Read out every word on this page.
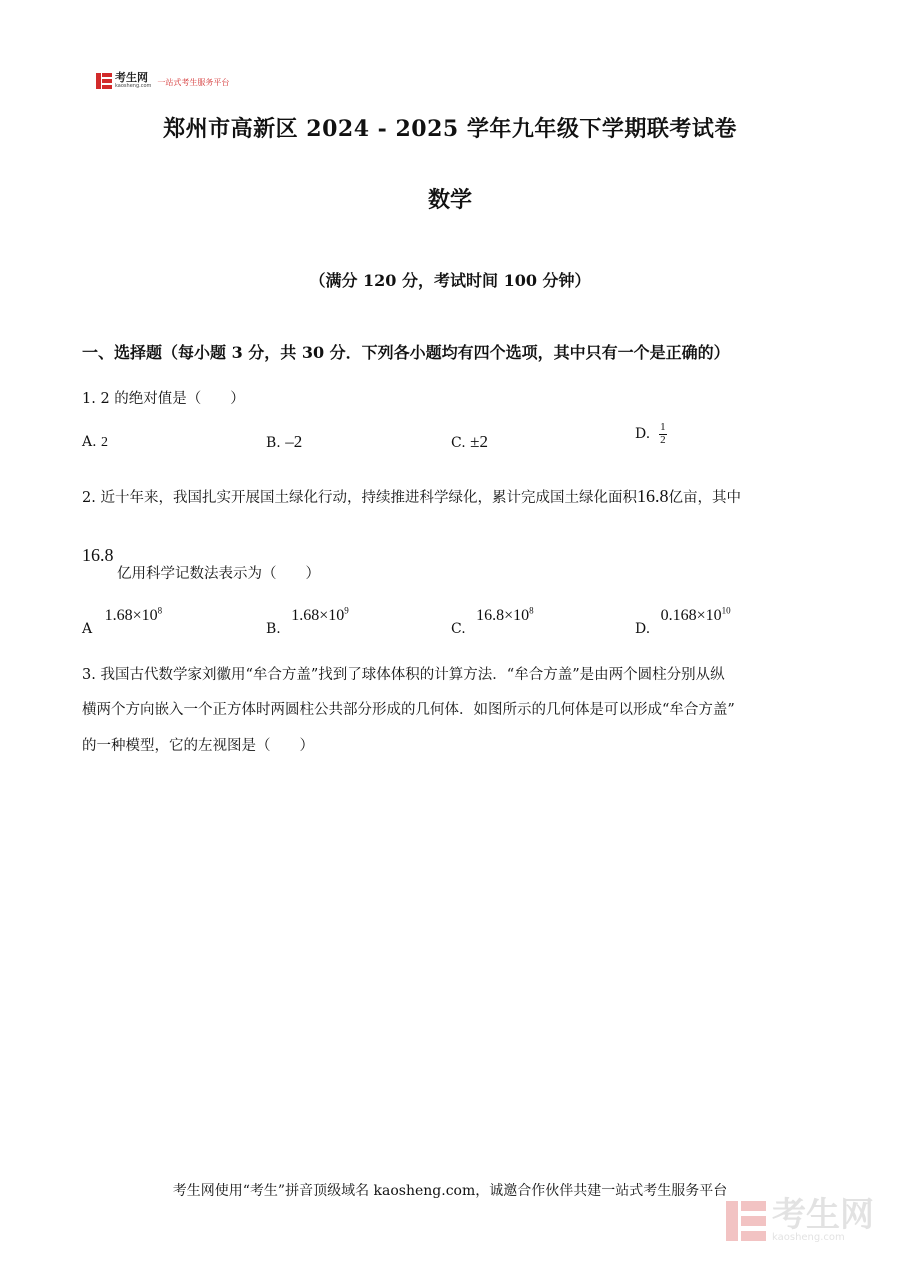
考生网
kaosheng.com 一站式考生服务平台
郑州市高新区 2024 - 2025 学年九年级下学期联考试卷
数学
（满分 120 分，考试时间 100 分钟）
一、选择题（每小题 3 分，共 30 分．下列各小题均有四个选项，其中只有一个是正确的）
1. 2 的绝对值是（　　）
A. 2	B. –2	C. ±2	D. $\frac{1}{2}$
2. 近十年来，我国扎实开展国土绿化行动，持续推进科学绿化，累计完成国土绿化面积16.8亿亩，其中
16.8
亿用科学记数法表示为（　　）
A $1.68\times 10^8$
B. $1.68\times 10^9$
C. $16.8\times 10^8$
D. $0.168\times 10^{10}$
3. 我国古代数学家刘徽用“牟合方盖”找到了球体体积的计算方法．“牟合方盖”是由两个圆柱分别从纵
横两个方向嵌入一个正方体时两圆柱公共部分形成的几何体．如图所示的几何体是可以形成“牟合方盖”
的一种模型，它的左视图是（　　）
考生网使用“考生”拼音顶级域名 kaosheng.com，诚邀合作伙伴共建一站式考生服务平台
考生网
kaosheng.com
